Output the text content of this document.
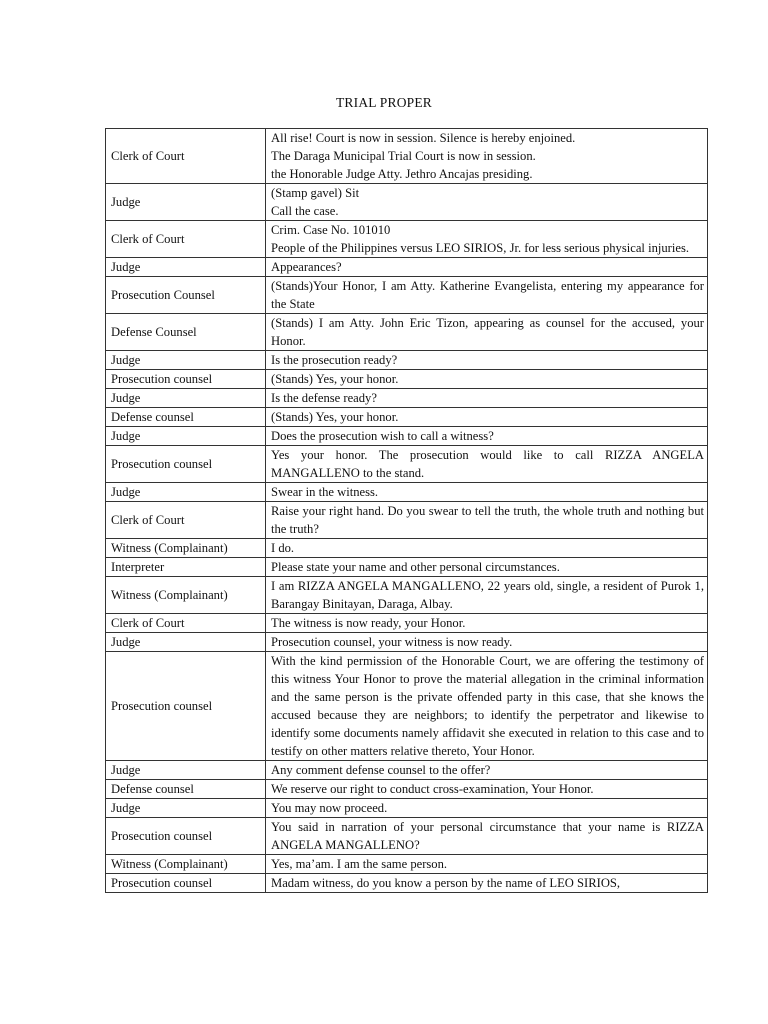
TRIAL PROPER
Clerk of Court	All rise! Court is now in session. Silence is hereby enjoined.
The Daraga Municipal Trial Court is now in session.
the Honorable Judge Atty. Jethro Ancajas presiding.

Judge	(Stamp gavel) Sit
Call the case.

Clerk of Court	Crim. Case No. 101010
People of the Philippines versus LEO SIRIOS, Jr. for less serious physical injuries.

Judge	Appearances?

Prosecution Counsel	(Stands)Your Honor, I am Atty. Katherine Evangelista, entering my appearance for the State

Defense Counsel	(Stands) I am Atty. John Eric Tizon, appearing as counsel for the accused, your Honor.

Judge	Is the prosecution ready?

Prosecution counsel	(Stands) Yes, your honor.

Judge	Is the defense ready?

Defense counsel	(Stands) Yes, your honor.

Judge	Does the prosecution wish to call a witness?

Prosecution counsel	Yes your honor. The prosecution would like to call RIZZA ANGELA MANGALLENO to the stand.

Judge	Swear in the witness.

Clerk of Court	Raise your right hand. Do you swear to tell the truth, the whole truth and nothing but the truth?

Witness (Complainant)	I do.

Interpreter	Please state your name and other personal circumstances.

Witness (Complainant)	I am RIZZA ANGELA MANGALLENO, 22 years old, single, a resident of Purok 1, Barangay Binitayan, Daraga, Albay.

Clerk of Court	The witness is now ready, your Honor.

Judge	Prosecution counsel, your witness is now ready.

Prosecution counsel	With the kind permission of the Honorable Court, we are offering the testimony of this witness Your Honor to prove the material allegation in the criminal information and the same person is the private offended party in this case, that she knows the accused because they are neighbors; to identify the perpetrator and likewise to identify some documents namely affidavit she executed in relation to this case and to testify on other matters relative thereto, Your Honor.

Judge	Any comment defense counsel to the offer?

Defense counsel	We reserve our right to conduct cross-examination, Your Honor.

Judge	You may now proceed.

Prosecution counsel	You said in narration of your personal circumstance that your name is RIZZA ANGELA MANGALLENO?

Witness (Complainant)	Yes, ma’am. I am the same person.

Prosecution counsel	Madam witness, do you know a person by the name of LEO SIRIOS,
